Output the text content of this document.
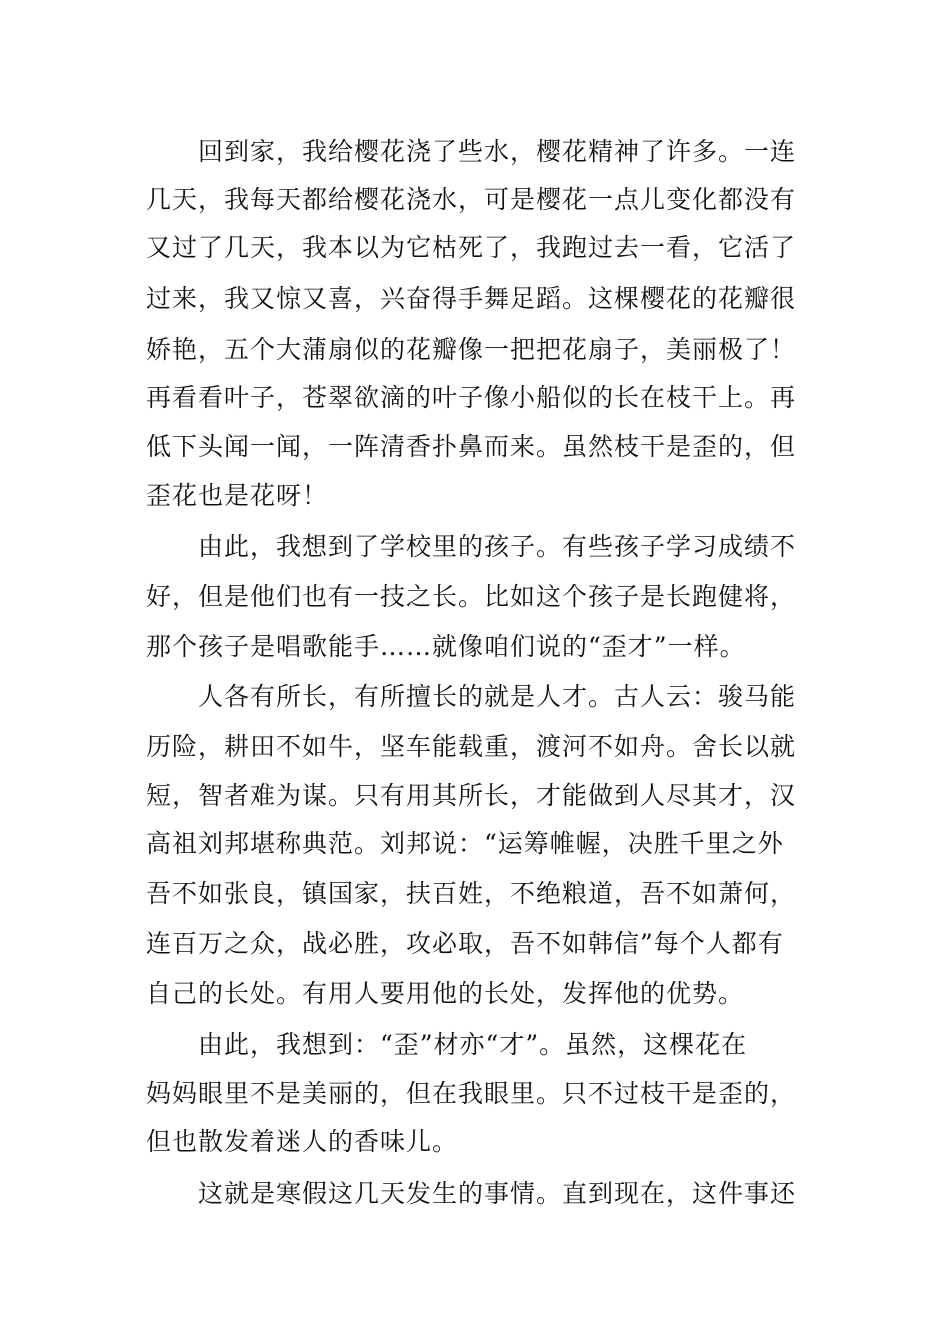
回到家，我给樱花浇了些水，樱花精神了许多。一连
几天，我每天都给樱花浇水，可是樱花一点儿变化都没有
又过了几天，我本以为它枯死了，我跑过去一看，它活了
过来，我又惊又喜，兴奋得手舞足蹈。这棵樱花的花瓣很
娇艳，五个大蒲扇似的花瓣像一把把花扇子，美丽极了！
再看看叶子，苍翠欲滴的叶子像小船似的长在枝干上。再
低下头闻一闻，一阵清香扑鼻而来。虽然枝干是歪的，但
歪花也是花呀！
由此，我想到了学校里的孩子。有些孩子学习成绩不
好，但是他们也有一技之长。比如这个孩子是长跑健将，
那个孩子是唱歌能手……就像咱们说的“歪才”一样。
人各有所长，有所擅长的就是人才。古人云：骏马能
历险，耕田不如牛，坚车能载重，渡河不如舟。舍长以就
短，智者难为谋。只有用其所长，才能做到人尽其才，汉
高祖刘邦堪称典范。刘邦说：“运筹帷幄，决胜千里之外
吾不如张良，镇国家，扶百姓，不绝粮道，吾不如萧何，
连百万之众，战必胜，攻必取，吾不如韩信”每个人都有
自己的长处。有用人要用他的长处，发挥他的优势。
由此，我想到：“歪”材亦“才”。虽然，这棵花在
妈妈眼里不是美丽的，但在我眼里。只不过枝干是歪的，
但也散发着迷人的香味儿。
这就是寒假这几天发生的事情。直到现在，这件事还
